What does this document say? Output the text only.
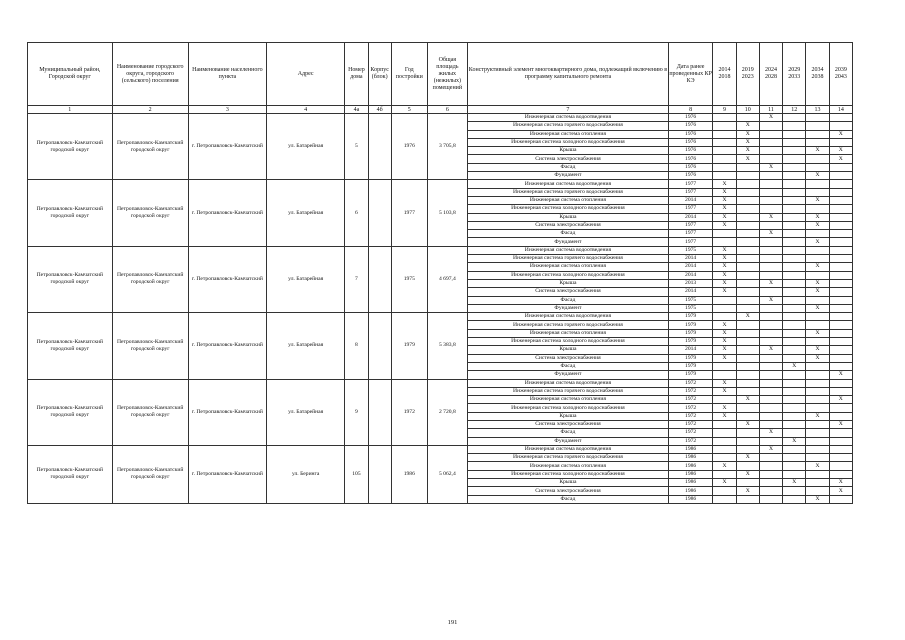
Муниципальный район, Городской округ	Наименование городского округа, городского (сельского) поселения	Наименование населенного пункта	Адрес	Номер дома	Корпус (блок)	Год постройки	Общая площадь жилых (нежилых) помещений	Конструктивный элемент многоквартирного дома, подлежащий включению в программу капитального ремонта	Дата ранее проведенных КР КЭ	2014 2018	2019 2023	2024 2028	2029 2033	2034 2038	2039 2043
1	2	3	4	4а	4б	5	6	7	8	9	10	11	12	13	14
Петропавловск-Камчатский городской округ	Петропавловск-Камчатский городской округ	г. Петропавловск-Камчатский	ул. Батарейная	5		1976	3 705,8	Инженерная система водоотведения	1976			X			
								Инженерная система горячего водоснабжения	1976		X				
								Инженерная система отопления	1976		X				X
								Инженерная система холодного водоснабжения	1976		X				
								Крыша	1976		X			X	X
								Система электроснабжения	1976		X				X
								Фасад	1976			X			
								Фундамент	1976					X	
Петропавловск-Камчатский городской округ	Петропавловск-Камчатский городской округ	г. Петропавловск-Камчатский	ул. Батарейная	6		1977	5 103,8	Инженерная система водоотведения	1977	X					
								Инженерная система горячего водоснабжения	1977	X					
								Инженерная система отопления	2014	X				X	
								Инженерная система холодного водоснабжения	1977	X					
								Крыша	2014	X		X		X	
								Система электроснабжения	1977	X				X	
								Фасад	1977			X			
								Фундамент	1977					X	
Петропавловск-Камчатский городской округ	Петропавловск-Камчатский городской округ	г. Петропавловск-Камчатский	ул. Батарейная	7		1975	4 697,4	Инженерная система водоотведения	1975	X					
								Инженерная система горячего водоснабжения	2014	X					
								Инженерная система отопления	2014	X				X	
								Инженерная система холодного водоснабжения	2014	X					
								Крыша	2013	X		X		X	
								Система электроснабжения	2014	X				X	
								Фасад	1975			X			
								Фундамент	1975					X	
Петропавловск-Камчатский городской округ	Петропавловск-Камчатский городской округ	г. Петропавловск-Камчатский	ул. Батарейная	8		1979	5 383,8	Инженерная система водоотведения	1979		X				
								Инженерная система горячего водоснабжения	1979	X					
								Инженерная система отопления	1979	X				X	
								Инженерная система холодного водоснабжения	1979	X					
								Крыша	2014	X		X		X	
								Система электроснабжения	1979	X				X	
								Фасад	1979				X		
								Фундамент	1979						X
Петропавловск-Камчатский городской округ	Петропавловск-Камчатский городской округ	г. Петропавловск-Камчатский	ул. Батарейная	9		1972	2 720,8	Инженерная система водоотведения	1972	X					
								Инженерная система горячего водоснабжения	1972	X					
								Инженерная система отопления	1972		X				X
								Инженерная система холодного водоснабжения	1972	X					
								Крыша	1972	X				X	
								Система электроснабжения	1972		X				X
								Фасад	1972			X			
								Фундамент	1972				X		
Петропавловск-Камчатский городской округ	Петропавловск-Камчатский городской округ	г. Петропавловск-Камчатский	ул. Беринга	105		1986	5 062,4	Инженерная система водоотведения	1986			X			
								Инженерная система горячего водоснабжения	1986		X				
								Инженерная система отопления	1986	X				X	
								Инженерная система холодного водоснабжения	1986		X				
								Крыша	1986	X			X		X
								Система электроснабжения	1986		X				X
								Фасад	1986					X	
191
